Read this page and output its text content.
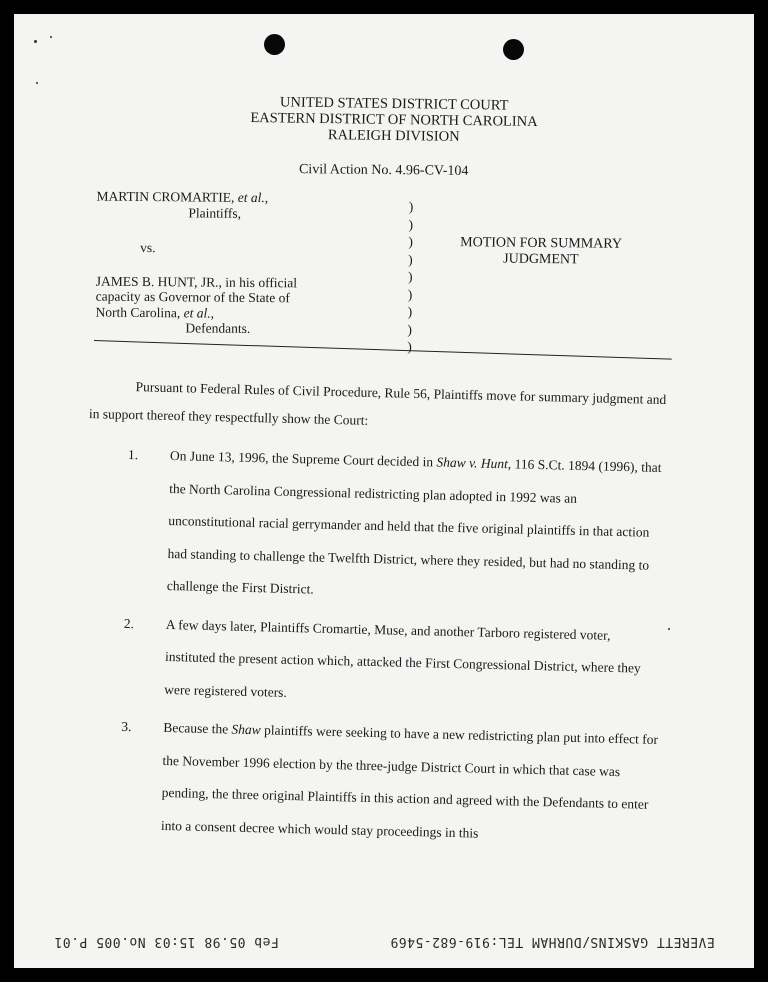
UNITED STATES DISTRICT COURT
EASTERN DISTRICT OF NORTH CAROLINA
RALEIGH DIVISION
Civil Action No. 4.96-CV-104
MARTIN CROMARTIE, et al.,
Plaintiffs,
vs.
JAMES B. HUNT, JR., in his official
capacity as Governor of the State of
North Carolina, et al.,
Defendants.
)
)
)
)
)
)
)
)
)
MOTION FOR SUMMARY
JUDGMENT

Pursuant to Federal Rules of Civil Procedure, Rule 56, Plaintiffs move for summary judgment and in support thereof they respectfully show the Court:

1. On June 13, 1996, the Supreme Court decided in Shaw v. Hunt, 116 S.Ct. 1894 (1996), that the North Carolina Congressional redistricting plan adopted in 1992 was an unconstitutional racial gerrymander and held that the five original plaintiffs in that action had standing to challenge the Twelfth District, where they resided, but had no standing to challenge the First District.
2. A few days later, Plaintiffs Cromartie, Muse, and another Tarboro registered voter, instituted the present action which, attacked the First Congressional District, where they were registered voters.
3. Because the Shaw plaintiffs were seeking to have a new redistricting plan put into effect for the November 1996 election by the three-judge District Court in which that case was pending, the three original Plaintiffs in this action and agreed with the Defendants to enter into a consent decree which would stay proceedings in this
Feb 05.98 15:03 No.005 P.01	EVERETT GASKINS/DURHAM TEL:919-682-5469
